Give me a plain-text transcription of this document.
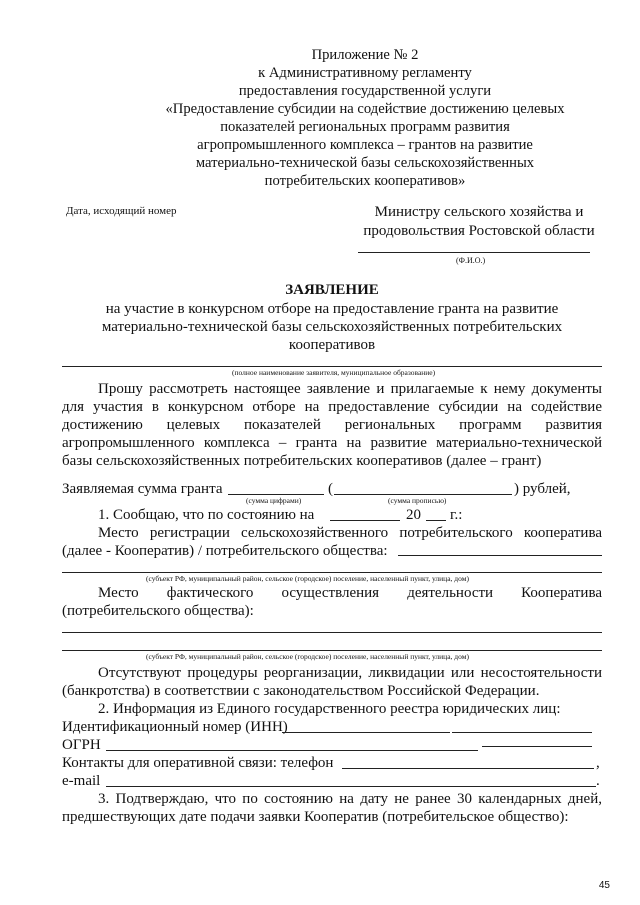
Приложение № 2
к Административному регламенту
предоставления государственной услуги
«Предоставление субсидии на содействие достижению целевых
показателей региональных программ развития
агропромышленного комплекса – грантов на развитие
материально-технической базы сельскохозяйственных
потребительских кооперативов»
Дата, исходящий номер	Министру сельского хозяйства и
продовольствия Ростовской области
(Ф.И.О.)
ЗАЯВЛЕНИЕ
на участие в конкурсном отборе на предоставление гранта на развитие
материально-технической базы сельскохозяйственных потребительских
кооперативов
(полное наименование заявителя, муниципальное образование)
Прошу рассмотреть настоящее заявление и прилагаемые к нему документы
для участия в конкурсном отборе на предоставление субсидии на содействие
достижению целевых показателей региональных программ развития
агропромышленного комплекса – гранта на развитие материально-технической
базы сельскохозяйственных потребительских кооперативов (далее – грант)
Заявляемая сумма гранта	(	) рублей,
(сумма цифрами)	(сумма прописью)
1. Сообщаю, что по состоянию на	20	г.:
Место регистрации сельскохозяйственного потребительского кооператива
(далее - Кооператив) / потребительского общества:
(субъект РФ, муниципальный район, сельское (городское) поселение, населенный пункт, улица, дом)
Место фактического осуществления деятельности Кооператива
(потребительского общества):
(субъект РФ, муниципальный район, сельское (городское) поселение, населенный пункт, улица, дом)
Отсутствуют процедуры реорганизации, ликвидации или несостоятельности
(банкротства) в соответствии с законодательством Российской Федерации.
2. Информация из Единого государственного реестра юридических лиц:
Идентификационный номер (ИНН)
ОГРН
Контакты для оперативной связи: телефон	,
e-mail	.
3. Подтверждаю, что по состоянию на дату не ранее 30 календарных дней,
предшествующих дате подачи заявки Кооператив (потребительское общество):
45
